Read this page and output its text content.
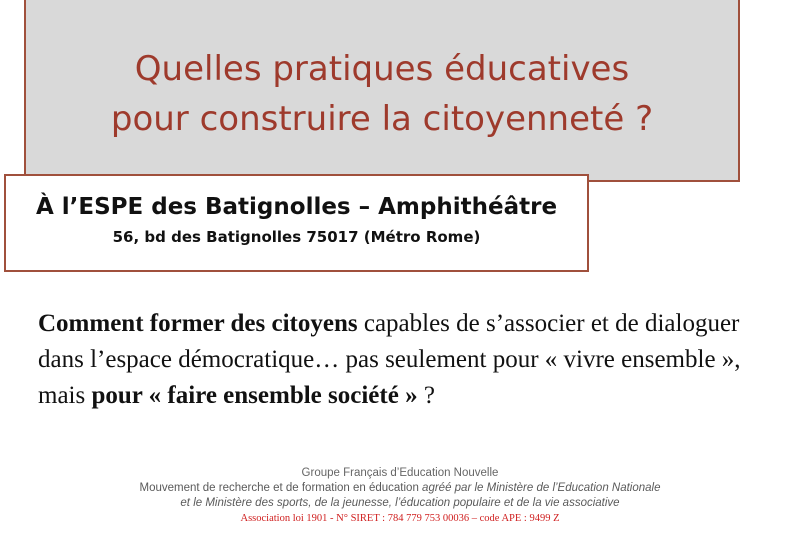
Quelles pratiques éducatives
pour construire la citoyenneté ?
À l’ESPE des Batignolles – Amphithéâtre
56, bd des Batignolles 75017 (Métro Rome)
Comment former des citoyens capables de s’associer et de dialoguer dans l’espace démocratique… pas seulement pour « vivre ensemble », mais pour « faire ensemble société » ?
Groupe Français d’Education Nouvelle
Mouvement de recherche et de formation en éducation agréé par le Ministère de l’Education Nationale
et le Ministère des sports, de la jeunesse, l’éducation populaire et de la vie associative
Association loi 1901 - N° SIRET : 784 779 753 00036 – code APE : 9499 Z
